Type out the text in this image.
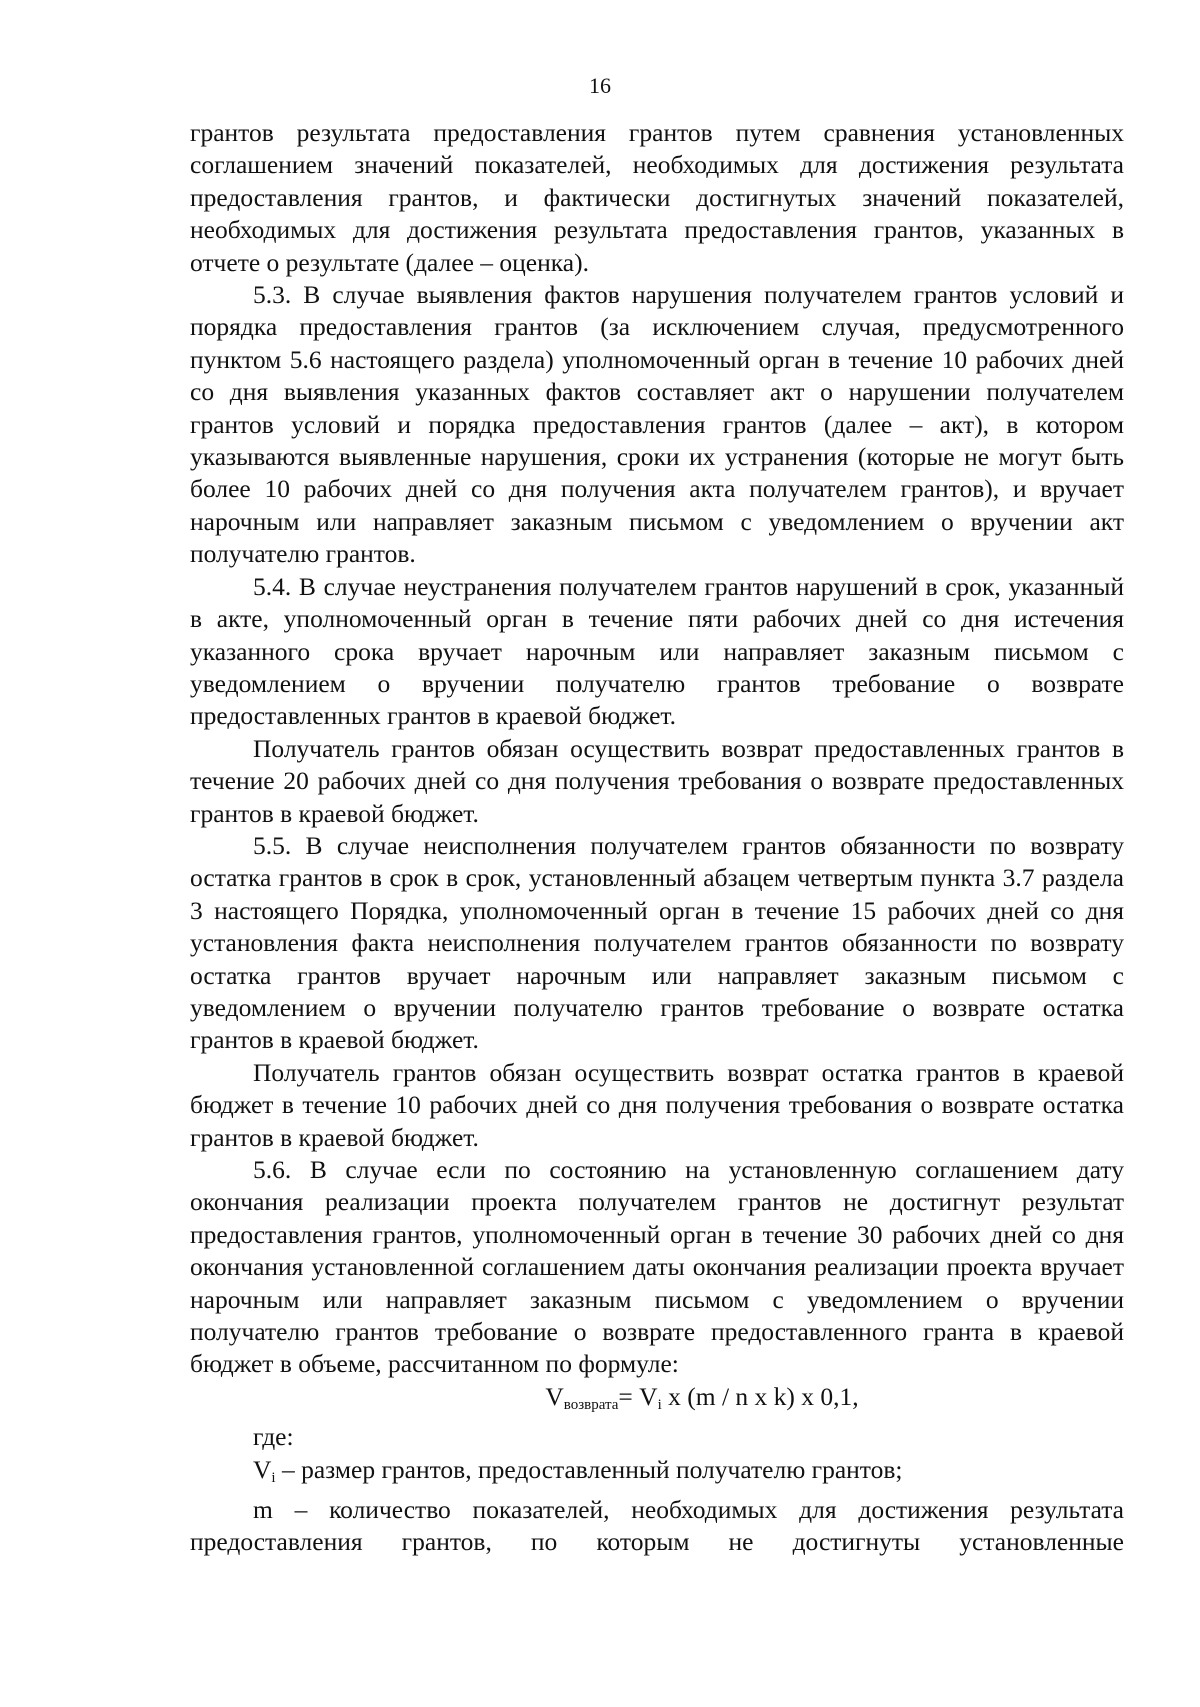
16

грантов результата предоставления грантов путем сравнения установленных соглашением значений показателей, необходимых для достижения результата предоставления грантов, и фактически достигнутых значений показателей, необходимых для достижения результата предоставления грантов, указанных в отчете о результате (далее – оценка).

5.3. В случае выявления фактов нарушения получателем грантов условий и порядка предоставления грантов (за исключением случая, предусмотренного пунктом 5.6 настоящего раздела) уполномоченный орган в течение 10 рабочих дней со дня выявления указанных фактов составляет акт о нарушении получателем грантов условий и порядка предоставления грантов (далее – акт), в котором указываются выявленные нарушения, сроки их устранения (которые не могут быть более 10 рабочих дней со дня получения акта получателем грантов), и вручает нарочным или направляет заказным письмом с уведомлением о вручении акт получателю грантов.

5.4. В случае неустранения получателем грантов нарушений в срок, указанный в акте, уполномоченный орган в течение пяти рабочих дней со дня истечения указанного срока вручает нарочным или направляет заказным письмом с уведомлением о вручении получателю грантов требование о возврате предоставленных грантов в краевой бюджет.

Получатель грантов обязан осуществить возврат предоставленных грантов в течение 20 рабочих дней со дня получения требования о возврате предоставленных грантов в краевой бюджет.

5.5. В случае неисполнения получателем грантов обязанности по возврату остатка грантов в срок в срок, установленный абзацем четвертым пункта 3.7 раздела 3 настоящего Порядка, уполномоченный орган в течение 15 рабочих дней со дня установления факта неисполнения получателем грантов обязанности по возврату остатка грантов вручает нарочным или направляет заказным письмом с уведомлением о вручении получателю грантов требование о возврате остатка грантов в краевой бюджет.

Получатель грантов обязан осуществить возврат остатка грантов в краевой бюджет в течение 10 рабочих дней со дня получения требования о возврате остатка грантов в краевой бюджет.

5.6. В случае если по состоянию на установленную соглашением дату окончания реализации проекта получателем грантов не достигнут результат предоставления грантов, уполномоченный орган в течение 30 рабочих дней со дня окончания установленной соглашением даты окончания реализации проекта вручает нарочным или направляет заказным письмом с уведомлением о вручении получателю грантов требование о возврате предоставленного гранта в краевой бюджет в объеме, рассчитанном по формуле:

$V_{возврата}= Vi$ x (m / n x k) x 0,1,

где:

Vi – размер грантов, предоставленный получателю грантов;

m – количество показателей, необходимых для достижения результата предоставления грантов, по которым не достигнуты установленные
